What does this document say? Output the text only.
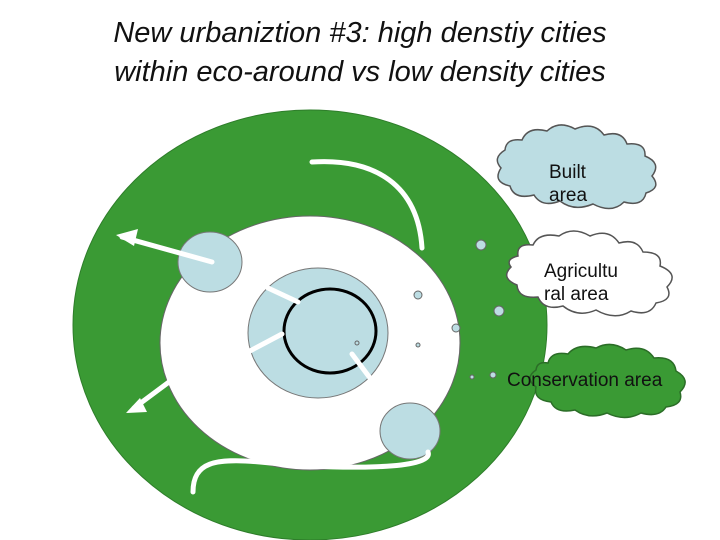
New urbaniztion #3: high denstiy cities
within eco-around vs low density cities
Built
area
Agricultu
ral area
Conservation area
